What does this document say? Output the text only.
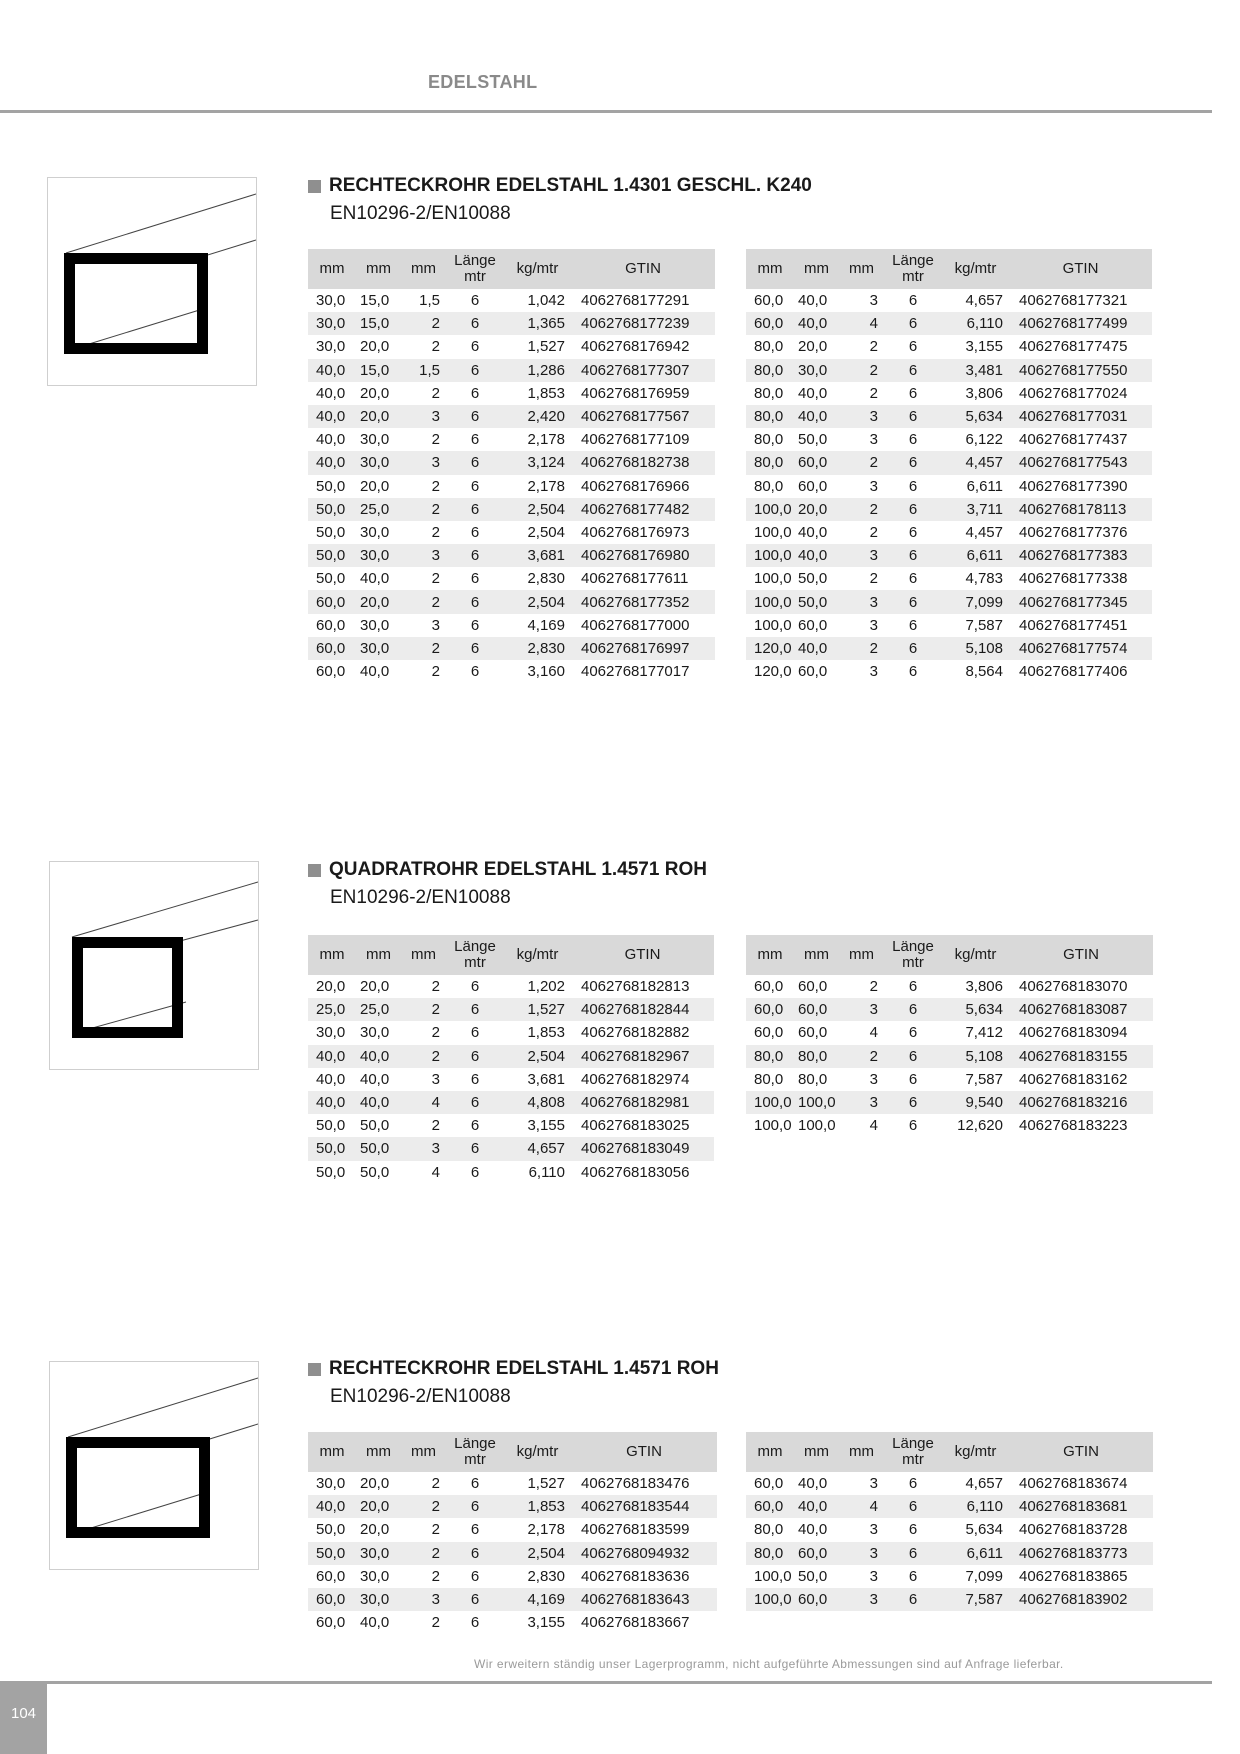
EDELSTAHL
RECHTECKROHR EDELSTAHL 1.4301 GESCHL. K240
EN10296-2/EN10088
mm	mm	mm	Länge mtr	kg/mtr	GTIN
30,0	15,0	1,5	6	1,042	4062768177291
30,0	15,0	2	6	1,365	4062768177239
30,0	20,0	2	6	1,527	4062768176942
40,0	15,0	1,5	6	1,286	4062768177307
40,0	20,0	2	6	1,853	4062768176959
40,0	20,0	3	6	2,420	4062768177567
40,0	30,0	2	6	2,178	4062768177109
40,0	30,0	3	6	3,124	4062768182738
50,0	20,0	2	6	2,178	4062768176966
50,0	25,0	2	6	2,504	4062768177482
50,0	30,0	2	6	2,504	4062768176973
50,0	30,0	3	6	3,681	4062768176980
50,0	40,0	2	6	2,830	4062768177611
60,0	20,0	2	6	2,504	4062768177352
60,0	30,0	3	6	4,169	4062768177000
60,0	30,0	2	6	2,830	4062768176997
60,0	40,0	2	6	3,160	4062768177017
mm	mm	mm	Länge mtr	kg/mtr	GTIN
60,0	40,0	3	6	4,657	4062768177321
60,0	40,0	4	6	6,110	4062768177499
80,0	20,0	2	6	3,155	4062768177475
80,0	30,0	2	6	3,481	4062768177550
80,0	40,0	2	6	3,806	4062768177024
80,0	40,0	3	6	5,634	4062768177031
80,0	50,0	3	6	6,122	4062768177437
80,0	60,0	2	6	4,457	4062768177543
80,0	60,0	3	6	6,611	4062768177390
100,0	20,0	2	6	3,711	4062768178113
100,0	40,0	2	6	4,457	4062768177376
100,0	40,0	3	6	6,611	4062768177383
100,0	50,0	2	6	4,783	4062768177338
100,0	50,0	3	6	7,099	4062768177345
100,0	60,0	3	6	7,587	4062768177451
120,0	40,0	2	6	5,108	4062768177574
120,0	60,0	3	6	8,564	4062768177406
QUADRATROHR EDELSTAHL 1.4571 ROH
EN10296-2/EN10088
mm	mm	mm	Länge mtr	kg/mtr	GTIN
20,0	20,0	2	6	1,202	4062768182813
25,0	25,0	2	6	1,527	4062768182844
30,0	30,0	2	6	1,853	4062768182882
40,0	40,0	2	6	2,504	4062768182967
40,0	40,0	3	6	3,681	4062768182974
40,0	40,0	4	6	4,808	4062768182981
50,0	50,0	2	6	3,155	4062768183025
50,0	50,0	3	6	4,657	4062768183049
50,0	50,0	4	6	6,110	4062768183056
mm	mm	mm	Länge mtr	kg/mtr	GTIN
60,0	60,0	2	6	3,806	4062768183070
60,0	60,0	3	6	5,634	4062768183087
60,0	60,0	4	6	7,412	4062768183094
80,0	80,0	2	6	5,108	4062768183155
80,0	80,0	3	6	7,587	4062768183162
100,0	100,0	3	6	9,540	4062768183216
100,0	100,0	4	6	12,620	4062768183223
RECHTECKROHR EDELSTAHL 1.4571 ROH
EN10296-2/EN10088
mm	mm	mm	Länge mtr	kg/mtr	GTIN
30,0	20,0	2	6	1,527	4062768183476
40,0	20,0	2	6	1,853	4062768183544
50,0	20,0	2	6	2,178	4062768183599
50,0	30,0	2	6	2,504	4062768094932
60,0	30,0	2	6	2,830	4062768183636
60,0	30,0	3	6	4,169	4062768183643
60,0	40,0	2	6	3,155	4062768183667
mm	mm	mm	Länge mtr	kg/mtr	GTIN
60,0	40,0	3	6	4,657	4062768183674
60,0	40,0	4	6	6,110	4062768183681
80,0	40,0	3	6	5,634	4062768183728
80,0	60,0	3	6	6,611	4062768183773
100,0	50,0	3	6	7,099	4062768183865
100,0	60,0	3	6	7,587	4062768183902
Wir erweitern ständig unser Lagerprogramm, nicht aufgeführte Abmessungen sind auf Anfrage lieferbar.
104
